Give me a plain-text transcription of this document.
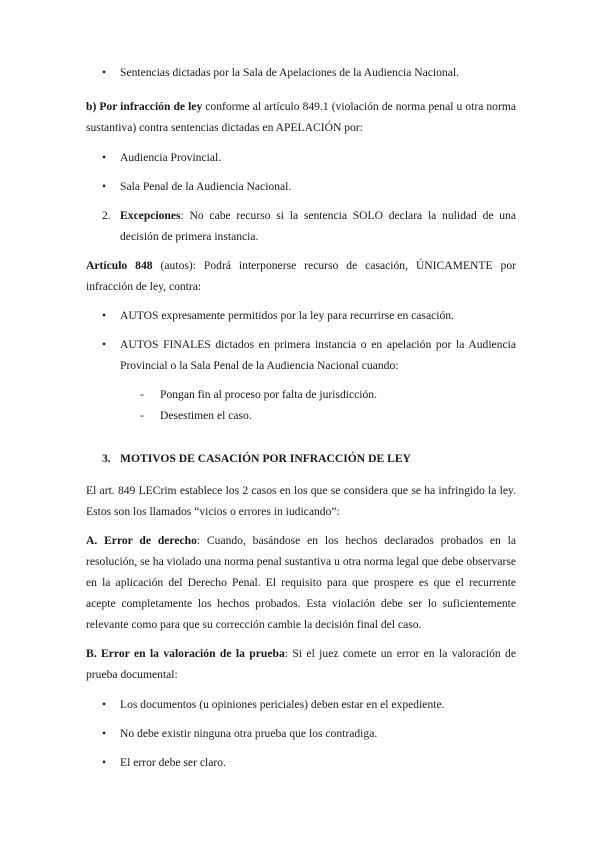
• Sentencias dictadas por la Sala de Apelaciones de la Audiencia Nacional.

b) Por infracción de ley conforme al artículo 849.1 (violación de norma penal u otra norma sustantiva) contra sentencias dictadas en APELACIÓN por:

• Audiencia Provincial.
• Sala Penal de la Audiencia Nacional.
2. Excepciones: No cabe recurso si la sentencia SOLO declara la nulidad de una decisión de primera instancia.

Artículo 848 (autos): Podrá interponerse recurso de casación, ÚNICAMENTE por infracción de ley, contra:

• AUTOS expresamente permitidos por la ley para recurrirse en casación.
• AUTOS FINALES dictados en primera instancia o en apelación por la Audiencia Provincial o la Sala Penal de la Audiencia Nacional cuando:
- Pongan fin al proceso por falta de jurisdicción.
- Desestimen el caso.
3. MOTIVOS DE CASACIÓN POR INFRACCIÓN DE LEY

El art. 849 LECrim establece los 2 casos en los que se considera que se ha infringido la ley. Estos son los llamados “vicios o errores in iudicando”:

A. Error de derecho: Cuando, basándose en los hechos declarados probados en la resolución, se ha violado una norma penal sustantiva u otra norma legal que debe observarse en la aplicación del Derecho Penal. El requisito para que prospere es que el recurrente acepte completamente los hechos probados. Esta violación debe ser lo suficientemente relevante como para que su corrección cambie la decisión final del caso.

B. Error en la valoración de la prueba: Si el juez comete un error en la valoración de prueba documental:

• Los documentos (u opiniones periciales) deben estar en el expediente.
• No debe existir ninguna otra prueba que los contradiga.
• El error debe ser claro.
